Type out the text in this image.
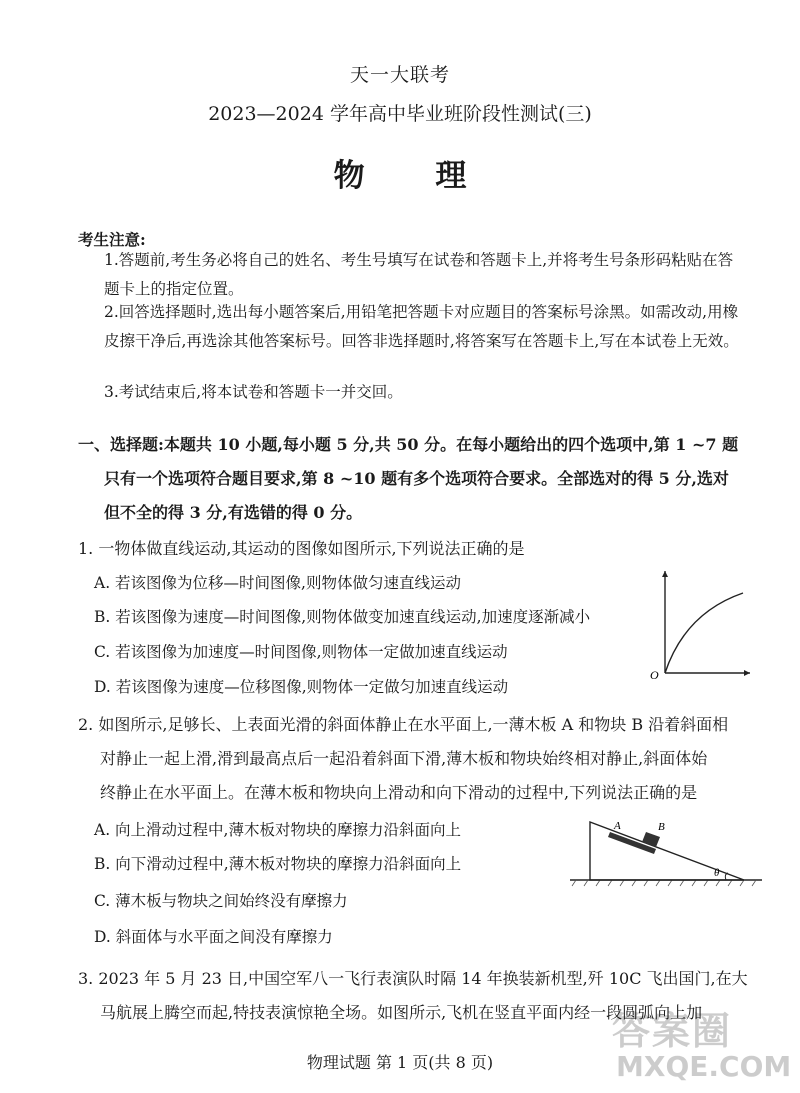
天一大联考
2023—2024 学年高中毕业班阶段性测试(三)
物 理
考生注意:
1.答题前,考生务必将自己的姓名、考生号填写在试卷和答题卡上,并将考生号条形码粘贴在答题卡上的指定位置。
2.回答选择题时,选出每小题答案后,用铅笔把答题卡对应题目的答案标号涂黑。如需改动,用橡皮擦干净后,再选涂其他答案标号。回答非选择题时,将答案写在答题卡上,写在本试卷上无效。
3.考试结束后,将本试卷和答题卡一并交回。
一、选择题:本题共 10 小题,每小题 5 分,共 50 分。在每小题给出的四个选项中,第 1 ~7 题
只有一个选项符合题目要求,第 8 ~10 题有多个选项符合要求。全部选对的得 5 分,选对
但不全的得 3 分,有选错的得 0 分。
1. 一物体做直线运动,其运动的图像如图所示,下列说法正确的是
A. 若该图像为位移—时间图像,则物体做匀速直线运动
B. 若该图像为速度—时间图像,则物体做变加速直线运动,加速度逐渐减小
C. 若该图像为加速度—时间图像,则物体一定做加速直线运动
D. 若该图像为速度—位移图像,则物体一定做匀加速直线运动
O
2. 如图所示,足够长、上表面光滑的斜面体静止在水平面上,一薄木板 A 和物块 B 沿着斜面相
对静止一起上滑,滑到最高点后一起沿着斜面下滑,薄木板和物块始终相对静止,斜面体始
终静止在水平面上。在薄木板和物块向上滑动和向下滑动的过程中,下列说法正确的是
A. 向上滑动过程中,薄木板对物块的摩擦力沿斜面向上
B. 向下滑动过程中,薄木板对物块的摩擦力沿斜面向上
C. 薄木板与物块之间始终没有摩擦力
D. 斜面体与水平面之间没有摩擦力
A	B
θ
3. 2023 年 5 月 23 日,中国空军八一飞行表演队时隔 14 年换装新机型,歼 10C 飞出国门,在大
马航展上腾空而起,特技表演惊艳全场。如图所示,飞机在竖直平面内经一段圆弧向上加
物理试题 第 1 页(共 8 页)
答案圈
MXQE.COM
